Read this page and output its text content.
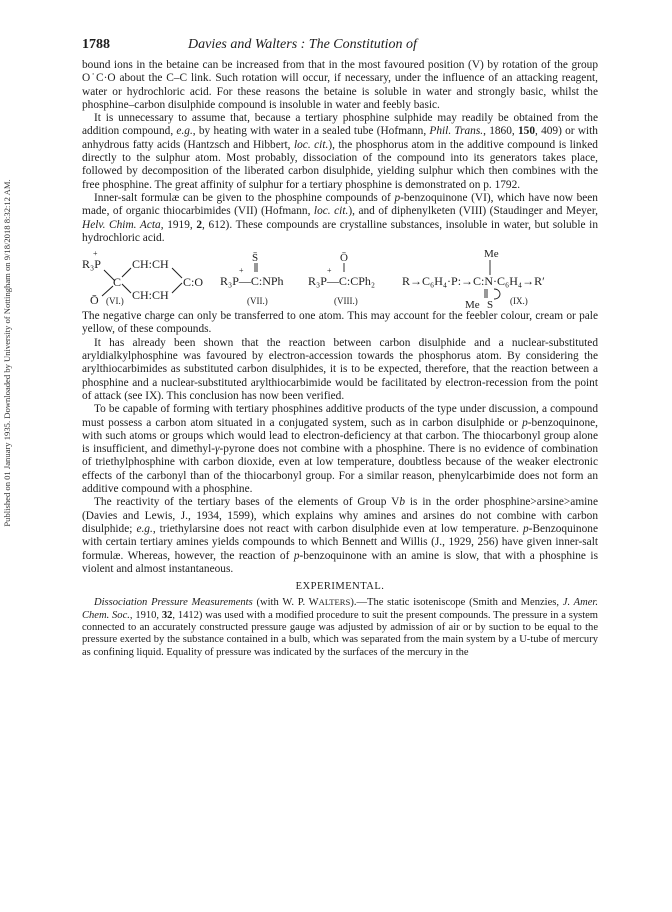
Published on 01 January 1935. Downloaded by University of Nottingham on 9/18/2018 8:32:12 AM.
1788	Davies and Walters : The Constitution of

bound ions in the betaine can be increased from that in the most favoured position (V) by rotation of the group O˙C·O about the C–C link. Such rotation will occur, if necessary, under the influence of an attacking reagent, water or hydrochloric acid. For these reasons the betaine is soluble in water and strongly basic, whilst the phosphine–carbon disulphide compound is insoluble in water and feebly basic.

It is unnecessary to assume that, because a tertiary phosphine sulphide may readily be obtained from the addition compound, e.g., by heating with water in a sealed tube (Hofmann, Phil. Trans., 1860, 150, 409) or with anhydrous fatty acids (Hantzsch and Hibbert, loc. cit.), the phosphorus atom in the additive compound is linked directly to the sulphur atom. Most probably, dissociation of the compound into its generators takes place, followed by decomposition of the liberated carbon disulphide, yielding sulphur which then combines with the free phosphine. The great affinity of sulphur for a tertiary phosphine is demonstrated on p. 1792.

Inner-salt formulæ can be given to the phosphine compounds of p-benzoquinone (VI), which have now been made, of organic thiocarbimides (VII) (Hofmann, loc. cit.), and of diphenylketen (VIII) (Staudinger and Meyer, Helv. Chim. Acta, 1919, 2, 612). These compounds are crystalline substances, insoluble in water, but soluble in hydrochloric acid.

+
R₃P
C
Ō
CH:CH
CH:CH
C:O
S̄
+
R₃P—C:NPh
Ō
+
R₃P—C:CPh₂
Me
R→C₆H₄·P:→C:N·C₆H₄→R′
Me S
(VI.)	(VII.)	(VIII.)	(IX.)

The negative charge can only be transferred to one atom. This may account for the feebler colour, cream or pale yellow, of these compounds.

It has already been shown that the reaction between carbon disulphide and a nuclear-substituted aryldialkylphosphine was favoured by electron-accession towards the phosphorus atom. By considering the arylthiocarbimides as substituted carbon disulphides, it is to be expected, therefore, that the reaction between a phosphine and a nuclear-substituted arylthiocarbimide would be facilitated by electron-recession from the point of attack (see IX). This conclusion has now been verified.

To be capable of forming with tertiary phosphines additive products of the type under discussion, a compound must possess a carbon atom situated in a conjugated system, such as in carbon disulphide or p-benzoquinone, with such atoms or groups which would lead to electron-deficiency at that carbon. The thiocarbonyl group alone is insufficient, and dimethyl-γ-pyrone does not combine with a phosphine. There is no evidence of combination of triethylphosphine with carbon dioxide, even at low temperature, doubtless because of the weaker electronic effects of the carbonyl than of the thiocarbonyl group. For a similar reason, phenylcarbimide does not form an additive compound with a phosphine.

The reactivity of the tertiary bases of the elements of Group Vb is in the order phosphine>arsine>amine (Davies and Lewis, J., 1934, 1599), which explains why amines and arsines do not combine with carbon disulphide; e.g., triethylarsine does not react with carbon disulphide even at low temperature. p-Benzoquinone with certain tertiary amines yields compounds to which Bennett and Willis (J., 1929, 256) have given inner-salt formulæ. Whereas, however, the reaction of p-benzoquinone with an amine is slow, that with a phosphine is violent and almost instantaneous.

EXPERIMENTAL.

Dissociation Pressure Measurements (with W. P. WALTERS).—The static isoteniscope (Smith and Menzies, J. Amer. Chem. Soc., 1910, 32, 1412) was used with a modified procedure to suit the present compounds. The pressure in a system connected to an accurately constructed pressure gauge was adjusted by admission of air or by suction to be equal to the pressure exerted by the substance contained in a bulb, which was separated from the main system by a U-tube of mercury as confining liquid. Equality of pressure was indicated by the surfaces of the mercury in the
